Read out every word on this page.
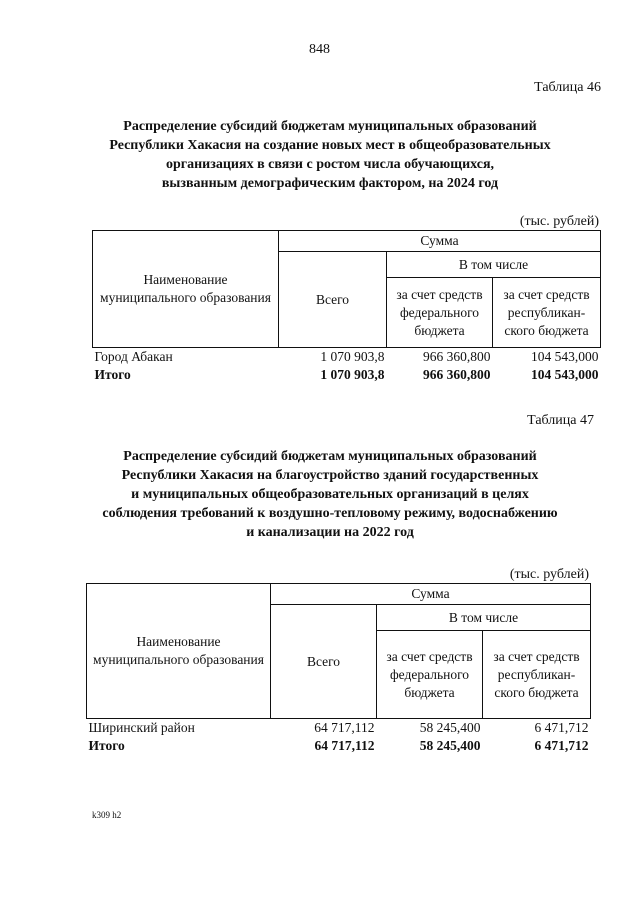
848
Таблица 46
Распределение субсидий бюджетам муниципальных образований
Республики Хакасия на создание новых мест в общеобразовательных
организациях в связи с ростом числа обучающихся,
вызванным демографическим фактором, на 2024 год
(тыс. рублей)
Наименование муниципального образования	Сумма		
	Всего	В том числе	
		за счет средств федерального бюджета	за счет средств республикан-ского бюджета
Город Абакан	1 070 903,8	966 360,800	104 543,000
Итого	1 070 903,8	966 360,800	104 543,000
Таблица 47
Распределение субсидий бюджетам муниципальных образований
Республики Хакасия на благоустройство зданий государственных
и муниципальных общеобразовательных организаций в целях
соблюдения требований к воздушно-тепловому режиму, водоснабжению
и канализации на 2022 год
(тыс. рублей)
Наименование муниципального образования	Сумма		
	Всего	В том числе	
		за счет средств федерального бюджета	за счет средств республикан-ского бюджета
Ширинский район	64 717,112	58 245,400	6 471,712
Итого	64 717,112	58 245,400	6 471,712
k309 h2
